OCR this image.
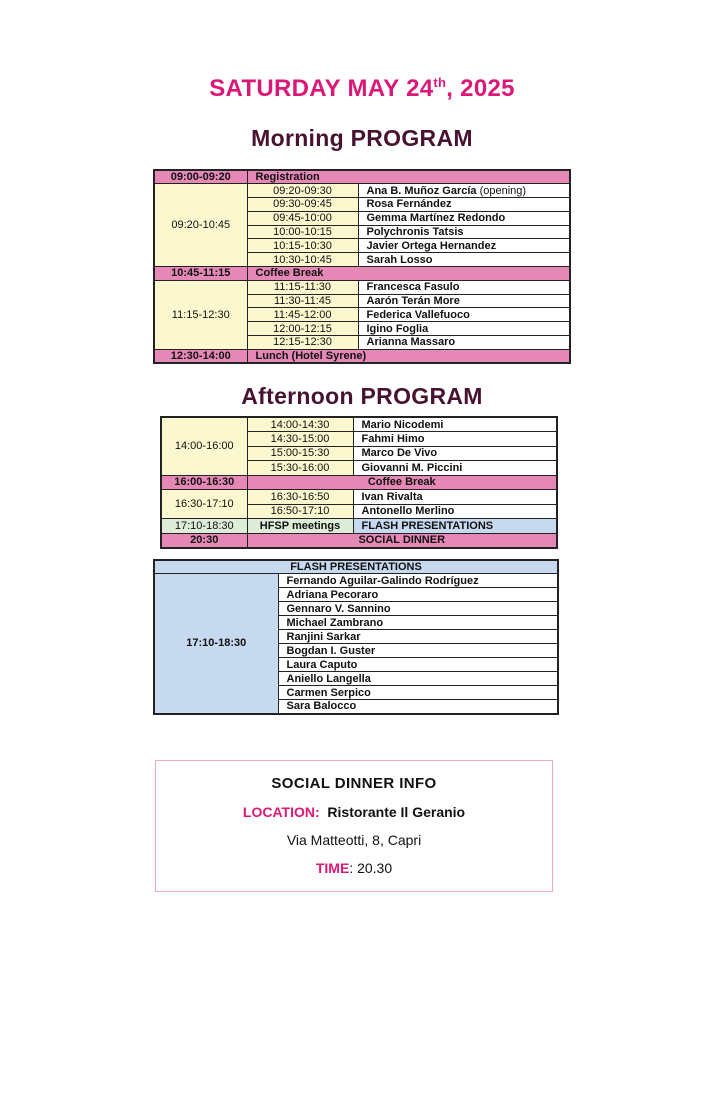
SATURDAY MAY 24th, 2025
Morning PROGRAM
09:00-09:20	Registration	
09:20-10:45	09:20-09:30	Ana B. Muñoz García (opening)
	09:30-09:45	Rosa Fernández
	09:45-10:00	Gemma Martínez Redondo
	10:00-10:15	Polychronis Tatsis
	10:15-10:30	Javier Ortega Hernandez
	10:30-10:45	Sarah Losso
10:45-11:15	Coffee Break	
11:15-12:30	11:15-11:30	Francesca Fasulo
	11:30-11:45	Aarón Terán More
	11:45-12:00	Federica Vallefuoco
	12:00-12:15	Igino Foglia
	12:15-12:30	Arianna Massaro
12:30-14:00	Lunch (Hotel Syrene)	
Afternoon PROGRAM
14:00-16:00	14:00-14:30	Mario Nicodemi
	14:30-15:00	Fahmi Himo
	15:00-15:30	Marco De Vivo
	15:30-16:00	Giovanni M. Piccini
16:00-16:30	Coffee Break	
16:30-17:10	16:30-16:50	Ivan Rivalta
	16:50-17:10	Antonello Merlino
17:10-18:30	HFSP meetings	FLASH PRESENTATIONS
20:30	SOCIAL DINNER	
FLASH PRESENTATIONS
17:10-18:30	Fernando Aguilar-Galindo Rodríguez
Adriana Pecoraro
Gennaro V. Sannino
Michael Zambrano
Ranjini Sarkar
Bogdan I. Guster
Laura Caputo
Aniello Langella
Carmen Serpico
Sara Balocco
SOCIAL DINNER INFO
LOCATION: Ristorante Il Geranio
Via Matteotti, 8, Capri
TIME: 20.30
